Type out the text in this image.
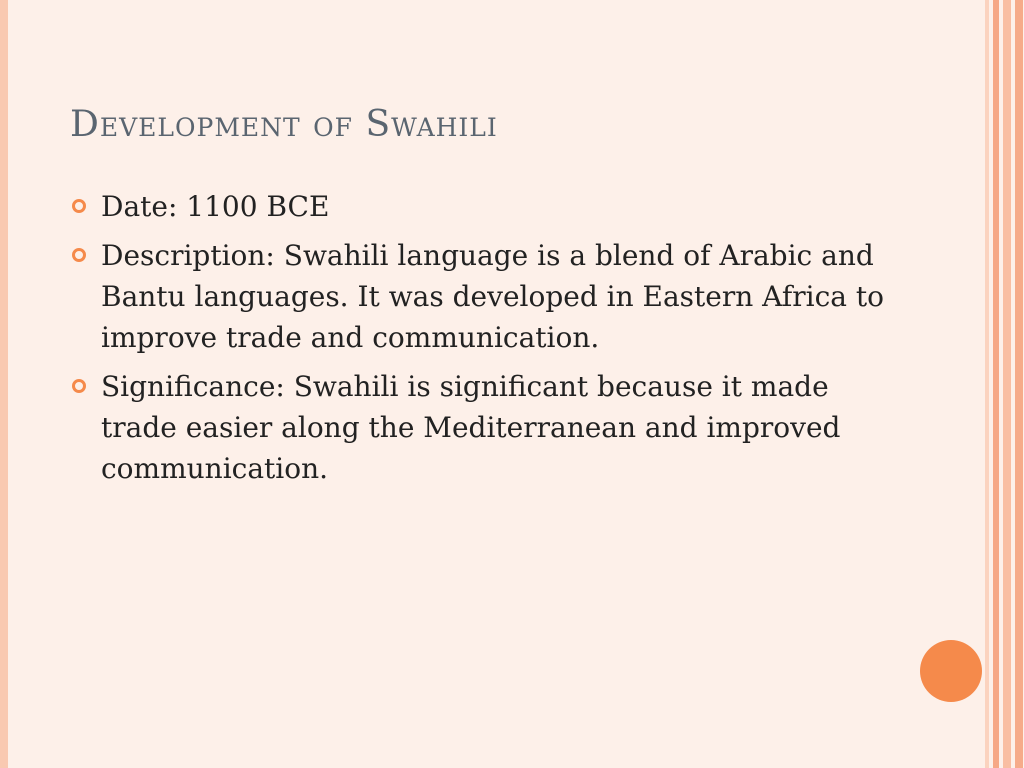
Development of Swahili
Date: 1100 BCE
Description: Swahili language is a blend of Arabic and Bantu languages. It was developed in Eastern Africa to improve trade and communication.
Significance: Swahili is significant because it made trade easier along the Mediterranean and improved communication.
